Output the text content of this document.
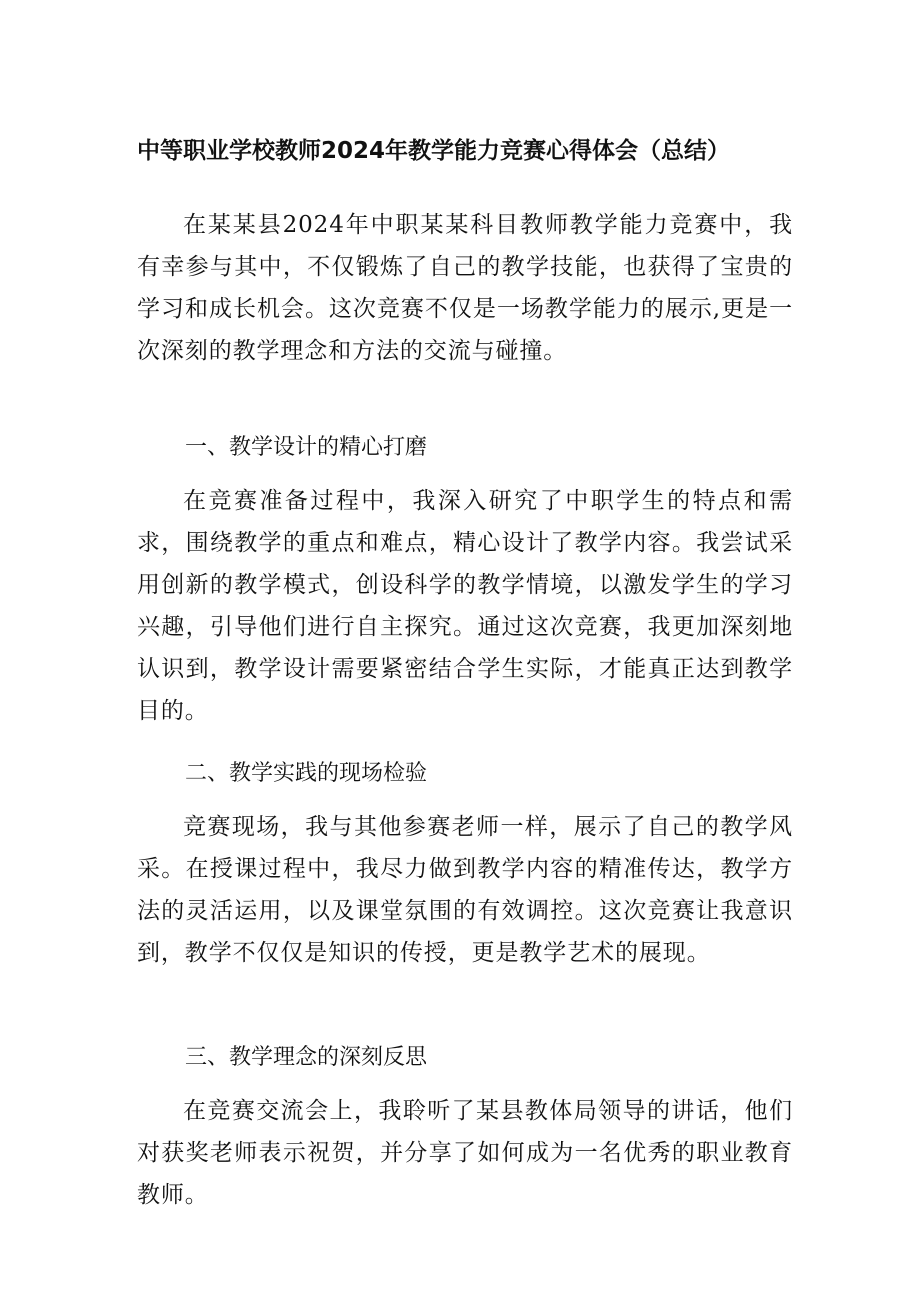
中等职业学校教师2024年教学能力竞赛心得体会（总结）

在某某县2024年中职某某科目教师教学能力竞赛中，我有幸参与其中，不仅锻炼了自己的教学技能，也获得了宝贵的学习和成长机会。这次竞赛不仅是一场教学能力的展示,更是一次深刻的教学理念和方法的交流与碰撞。

一、教学设计的精心打磨

在竞赛准备过程中，我深入研究了中职学生的特点和需求，围绕教学的重点和难点，精心设计了教学内容。我尝试采用创新的教学模式，创设科学的教学情境，以激发学生的学习兴趣，引导他们进行自主探究。通过这次竞赛，我更加深刻地认识到，教学设计需要紧密结合学生实际，才能真正达到教学目的。

二、教学实践的现场检验

竞赛现场，我与其他参赛老师一样，展示了自己的教学风采。在授课过程中，我尽力做到教学内容的精准传达，教学方法的灵活运用，以及课堂氛围的有效调控。这次竞赛让我意识到，教学不仅仅是知识的传授，更是教学艺术的展现。

三、教学理念的深刻反思

在竞赛交流会上，我聆听了某县教体局领导的讲话，他们对获奖老师表示祝贺，并分享了如何成为一名优秀的职业教育教师。
